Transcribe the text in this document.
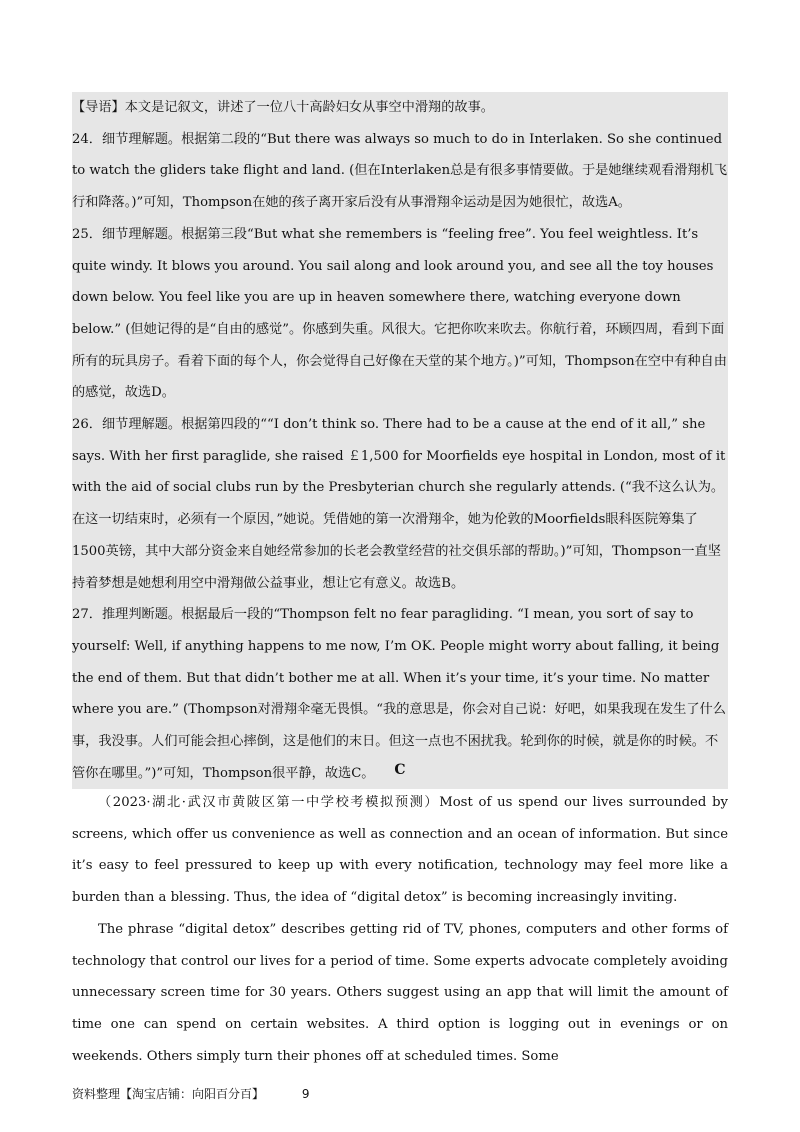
【导语】本文是记叙文，讲述了一位八十高龄妇女从事空中滑翔的故事。

24．细节理解题。根据第二段的“But there was always so much to do in Interlaken. So she continued to watch the gliders take flight and land. (但在Interlaken总是有很多事情要做。于是她继续观看滑翔机飞行和降落。)”可知，Thompson在她的孩子离开家后没有从事滑翔伞运动是因为她很忙，故选A。

25．细节理解题。根据第三段“But what she remembers is “feeling free”. You feel weightless. It’s quite windy. It blows you around. You sail along and look around you, and see all the toy houses down below. You feel like you are up in heaven somewhere there, watching everyone down below.” (但她记得的是“自由的感觉”。你感到失重。风很大。它把你吹来吹去。你航行着，环顾四周，看到下面所有的玩具房子。看着下面的每个人，你会觉得自己好像在天堂的某个地方。)”可知，Thompson在空中有种自由的感觉，故选D。

26．细节理解题。根据第四段的““I don’t think so. There had to be a cause at the end of it all,” she says. With her first paraglide, she raised ￡1,500 for Moorfields eye hospital in London, most of it with the aid of social clubs run by the Presbyterian church she regularly attends. (“我不这么认为。在这一切结束时，必须有一个原因，”她说。凭借她的第一次滑翔伞，她为伦敦的Moorfields眼科医院筹集了1500英镑，其中大部分资金来自她经常参加的长老会教堂经营的社交俱乐部的帮助。)”可知，Thompson一直坚持着梦想是她想利用空中滑翔做公益事业，想让它有意义。故选B。

27．推理判断题。根据最后一段的“Thompson felt no fear paragliding. “I mean, you sort of say to yourself: Well, if anything happens to me now, I’m OK. People might worry about falling, it being the end of them. But that didn’t bother me at all. When it’s your time, it’s your time. No matter where you are.” (Thompson对滑翔伞毫无畏惧。“我的意思是，你会对自己说：好吧，如果我现在发生了什么事，我没事。人们可能会担心摔倒，这是他们的末日。但这一点也不困扰我。轮到你的时候，就是你的时候。不管你在哪里。”)”可知，Thompson很平静，故选C。	C

（2023·湖北·武汉市黄陂区第一中学校考模拟预测）Most of us spend our lives surrounded by screens, which offer us convenience as well as connection and an ocean of information. But since it’s easy to feel pressured to keep up with every notification, technology may feel more like a burden than a blessing. Thus, the idea of “digital detox” is becoming increasingly inviting.

The phrase “digital detox” describes getting rid of TV, phones, computers and other forms of technology that control our lives for a period of time. Some experts advocate completely avoiding unnecessary screen time for 30 years. Others suggest using an app that will limit the amount of time one can spend on certain websites. A third option is logging out in evenings or on weekends. Others simply turn their phones off at scheduled times. Some

资料整理【淘宝店铺：向阳百分百】	9
